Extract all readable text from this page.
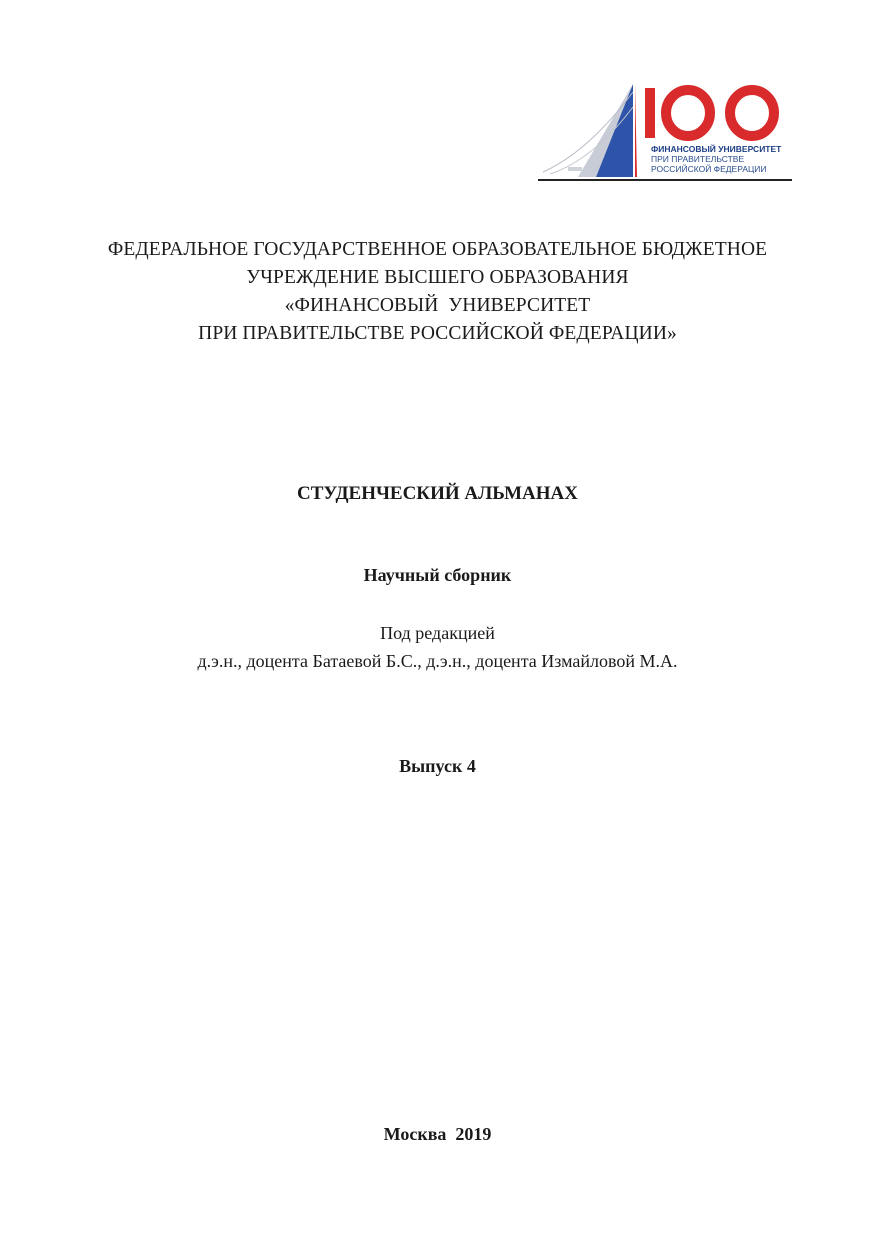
ФИНАНСОВЫЙ УНИВЕРСИТЕТ
ПРИ ПРАВИТЕЛЬСТВЕ
РОССИЙСКОЙ ФЕДЕРАЦИИ
ФЕДЕРАЛЬНОЕ ГОСУДАРСТВЕННОЕ ОБРАЗОВАТЕЛЬНОЕ БЮДЖЕТНОЕ
УЧРЕЖДЕНИЕ ВЫСШЕГО ОБРАЗОВАНИЯ
«ФИНАНСОВЫЙ  УНИВЕРСИТЕТ
ПРИ ПРАВИТЕЛЬСТВЕ РОССИЙСКОЙ ФЕДЕРАЦИИ»
СТУДЕНЧЕСКИЙ АЛЬМАНАХ
Научный сборник
Под редакцией
д.э.н., доцента Батаевой Б.С., д.э.н., доцента Измайловой М.А.
Выпуск 4
Москва  2019
